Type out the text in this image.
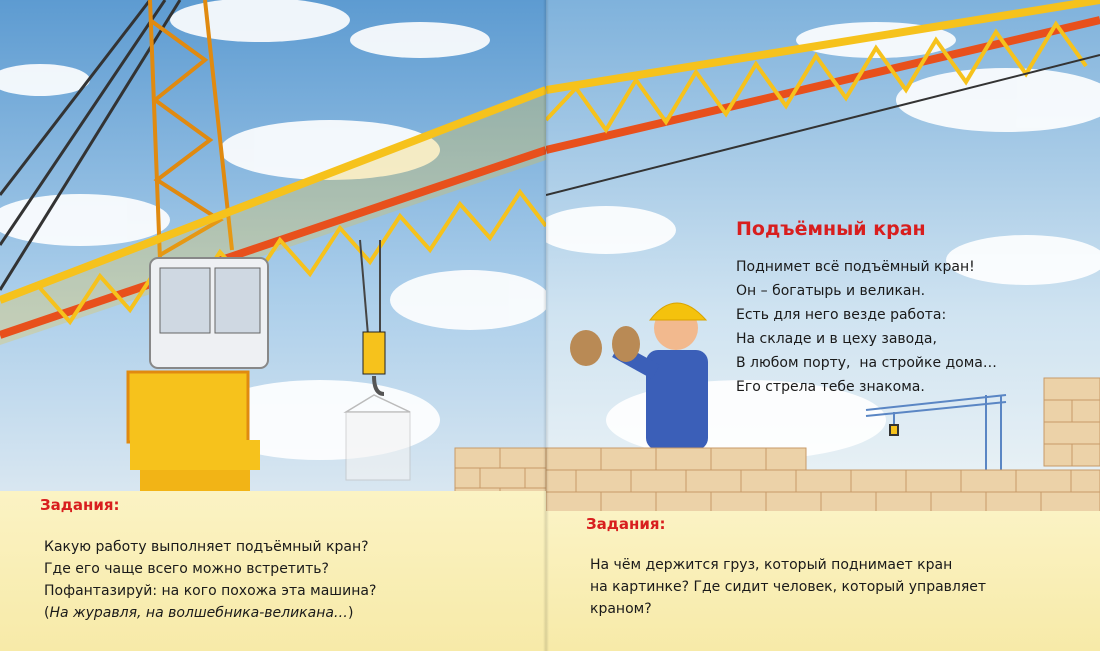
Задания:
Какую работу выполняет подъёмный кран?
Где его чаще всего можно встретить?
Пофантазируй: на кого похожа эта машина?
(На журавля, на волшебника-великана…)
Подъёмный кран
Поднимет всё подъёмный кран!
Он – богатырь и великан.
Есть для него везде работа:
На складе и в цеху завода,
В любом порту,  на стройке дома…
Его стрела тебе знакома.
Задания:
На чём держится груз, который поднимает кран
на картинке? Где сидит человек, который управляет
краном?
